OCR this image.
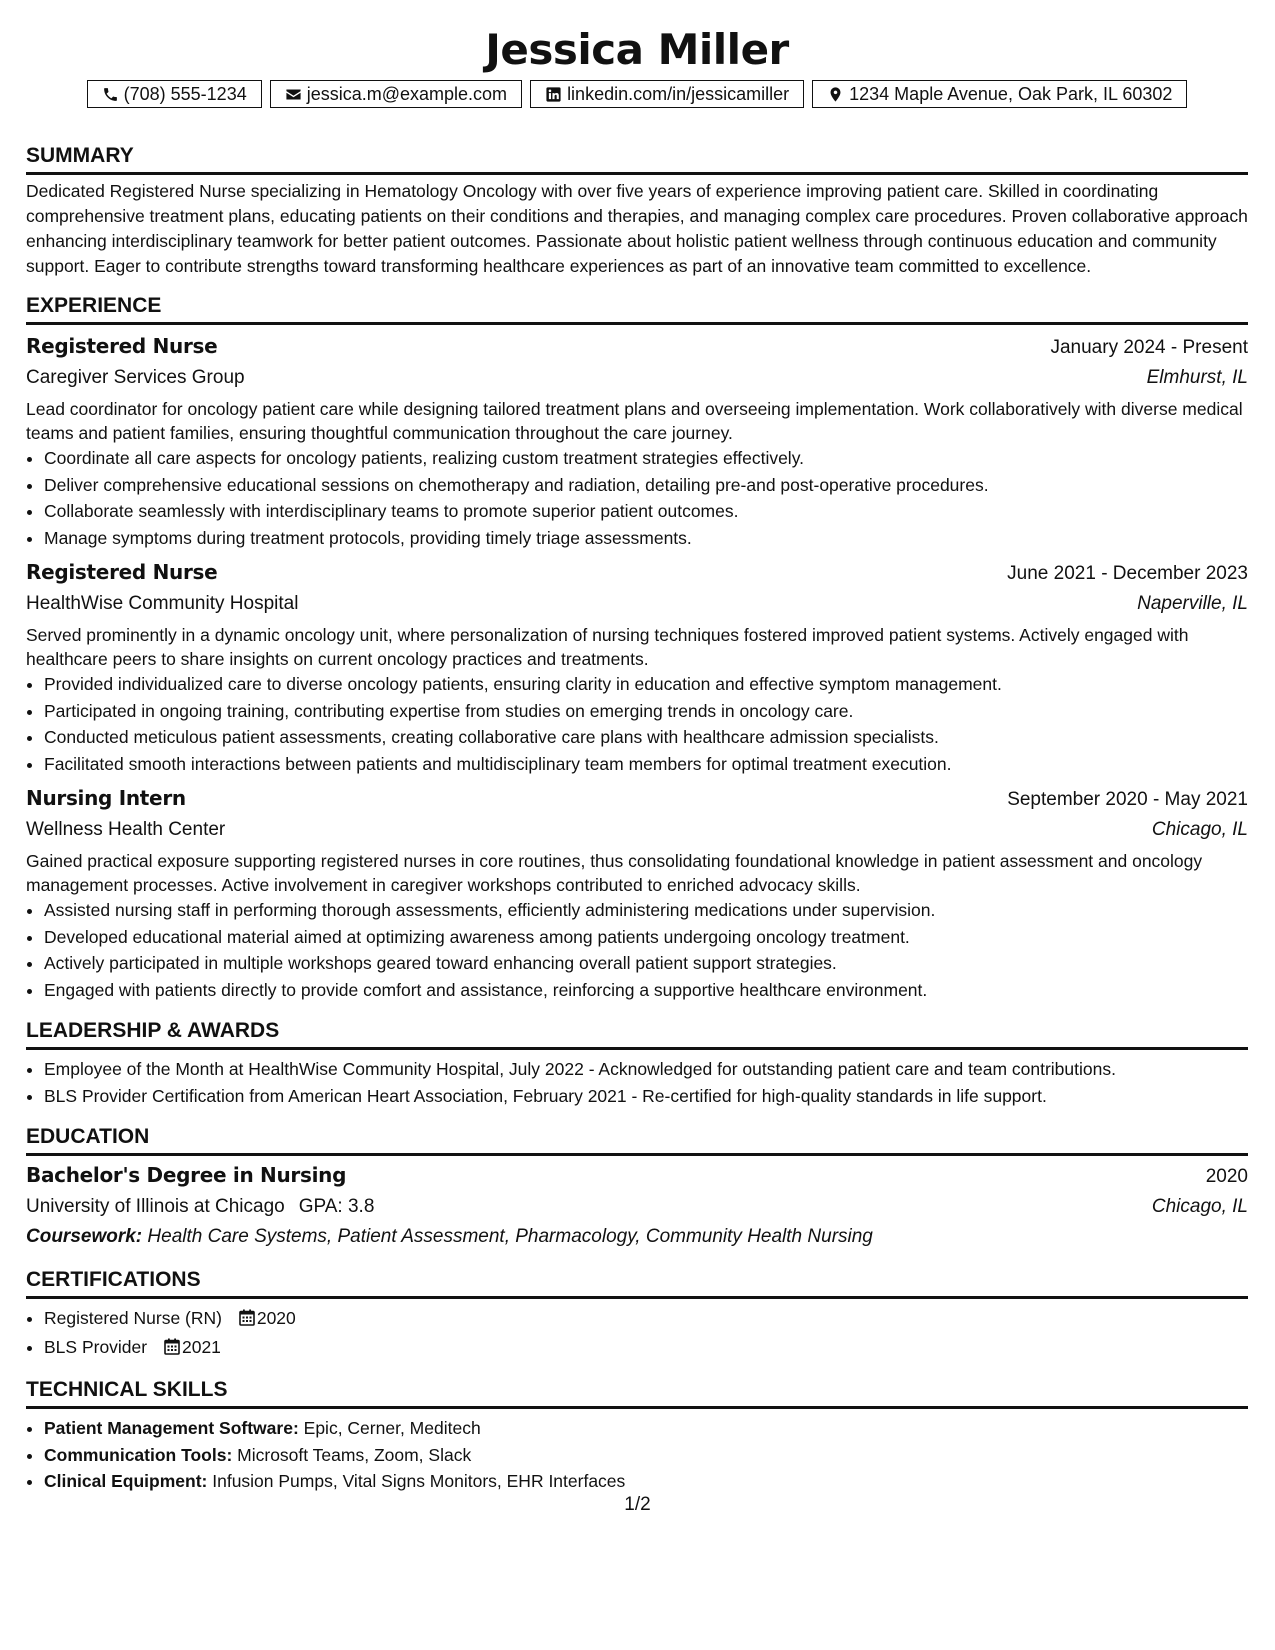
Jessica Miller
(708) 555-1234	jessica.m@example.com	linkedin.com/in/jessicamiller	1234 Maple Avenue, Oak Park, IL 60302
SUMMARY

Dedicated Registered Nurse specializing in Hematology Oncology with over five years of experience improving patient care. Skilled in coordinating comprehensive treatment plans, educating patients on their conditions and therapies, and managing complex care procedures. Proven collaborative approach enhancing interdisciplinary teamwork for better patient outcomes. Passionate about holistic patient wellness through continuous education and community support. Eager to contribute strengths toward transforming healthcare experiences as part of an innovative team committed to excellence.

EXPERIENCE
Registered Nurse	January 2024 - Present
Caregiver Services Group	Elmhurst, IL

Lead coordinator for oncology patient care while designing tailored treatment plans and overseeing implementation. Work collaboratively with diverse medical teams and patient families, ensuring thoughtful communication throughout the care journey.

• Coordinate all care aspects for oncology patients, realizing custom treatment strategies effectively.
• Deliver comprehensive educational sessions on chemotherapy and radiation, detailing pre-and post-operative procedures.
• Collaborate seamlessly with interdisciplinary teams to promote superior patient outcomes.
• Manage symptoms during treatment protocols, providing timely triage assessments.
Registered Nurse	June 2021 - December 2023
HealthWise Community Hospital	Naperville, IL

Served prominently in a dynamic oncology unit, where personalization of nursing techniques fostered improved patient systems. Actively engaged with healthcare peers to share insights on current oncology practices and treatments.

• Provided individualized care to diverse oncology patients, ensuring clarity in education and effective symptom management.
• Participated in ongoing training, contributing expertise from studies on emerging trends in oncology care.
• Conducted meticulous patient assessments, creating collaborative care plans with healthcare admission specialists.
• Facilitated smooth interactions between patients and multidisciplinary team members for optimal treatment execution.
Nursing Intern	September 2020 - May 2021
Wellness Health Center	Chicago, IL

Gained practical exposure supporting registered nurses in core routines, thus consolidating foundational knowledge in patient assessment and oncology management processes. Active involvement in caregiver workshops contributed to enriched advocacy skills.

• Assisted nursing staff in performing thorough assessments, efficiently administering medications under supervision.
• Developed educational material aimed at optimizing awareness among patients undergoing oncology treatment.
• Actively participated in multiple workshops geared toward enhancing overall patient support strategies.
• Engaged with patients directly to provide comfort and assistance, reinforcing a supportive healthcare environment.
LEADERSHIP & AWARDS
• Employee of the Month at HealthWise Community Hospital, July 2022 - Acknowledged for outstanding patient care and team contributions.
• BLS Provider Certification from American Heart Association, February 2021 - Re-certified for high-quality standards in life support.
EDUCATION
Bachelor's Degree in Nursing	2020
University of Illinois at Chicago GPA: 3.8	Chicago, IL
Coursework: Health Care Systems, Patient Assessment, Pharmacology, Community Health Nursing
CERTIFICATIONS
• Registered Nurse (RN) 2020
• BLS Provider 2021
TECHNICAL SKILLS
• Patient Management Software: Epic, Cerner, Meditech
• Communication Tools: Microsoft Teams, Zoom, Slack
• Clinical Equipment: Infusion Pumps, Vital Signs Monitors, EHR Interfaces
1/2
